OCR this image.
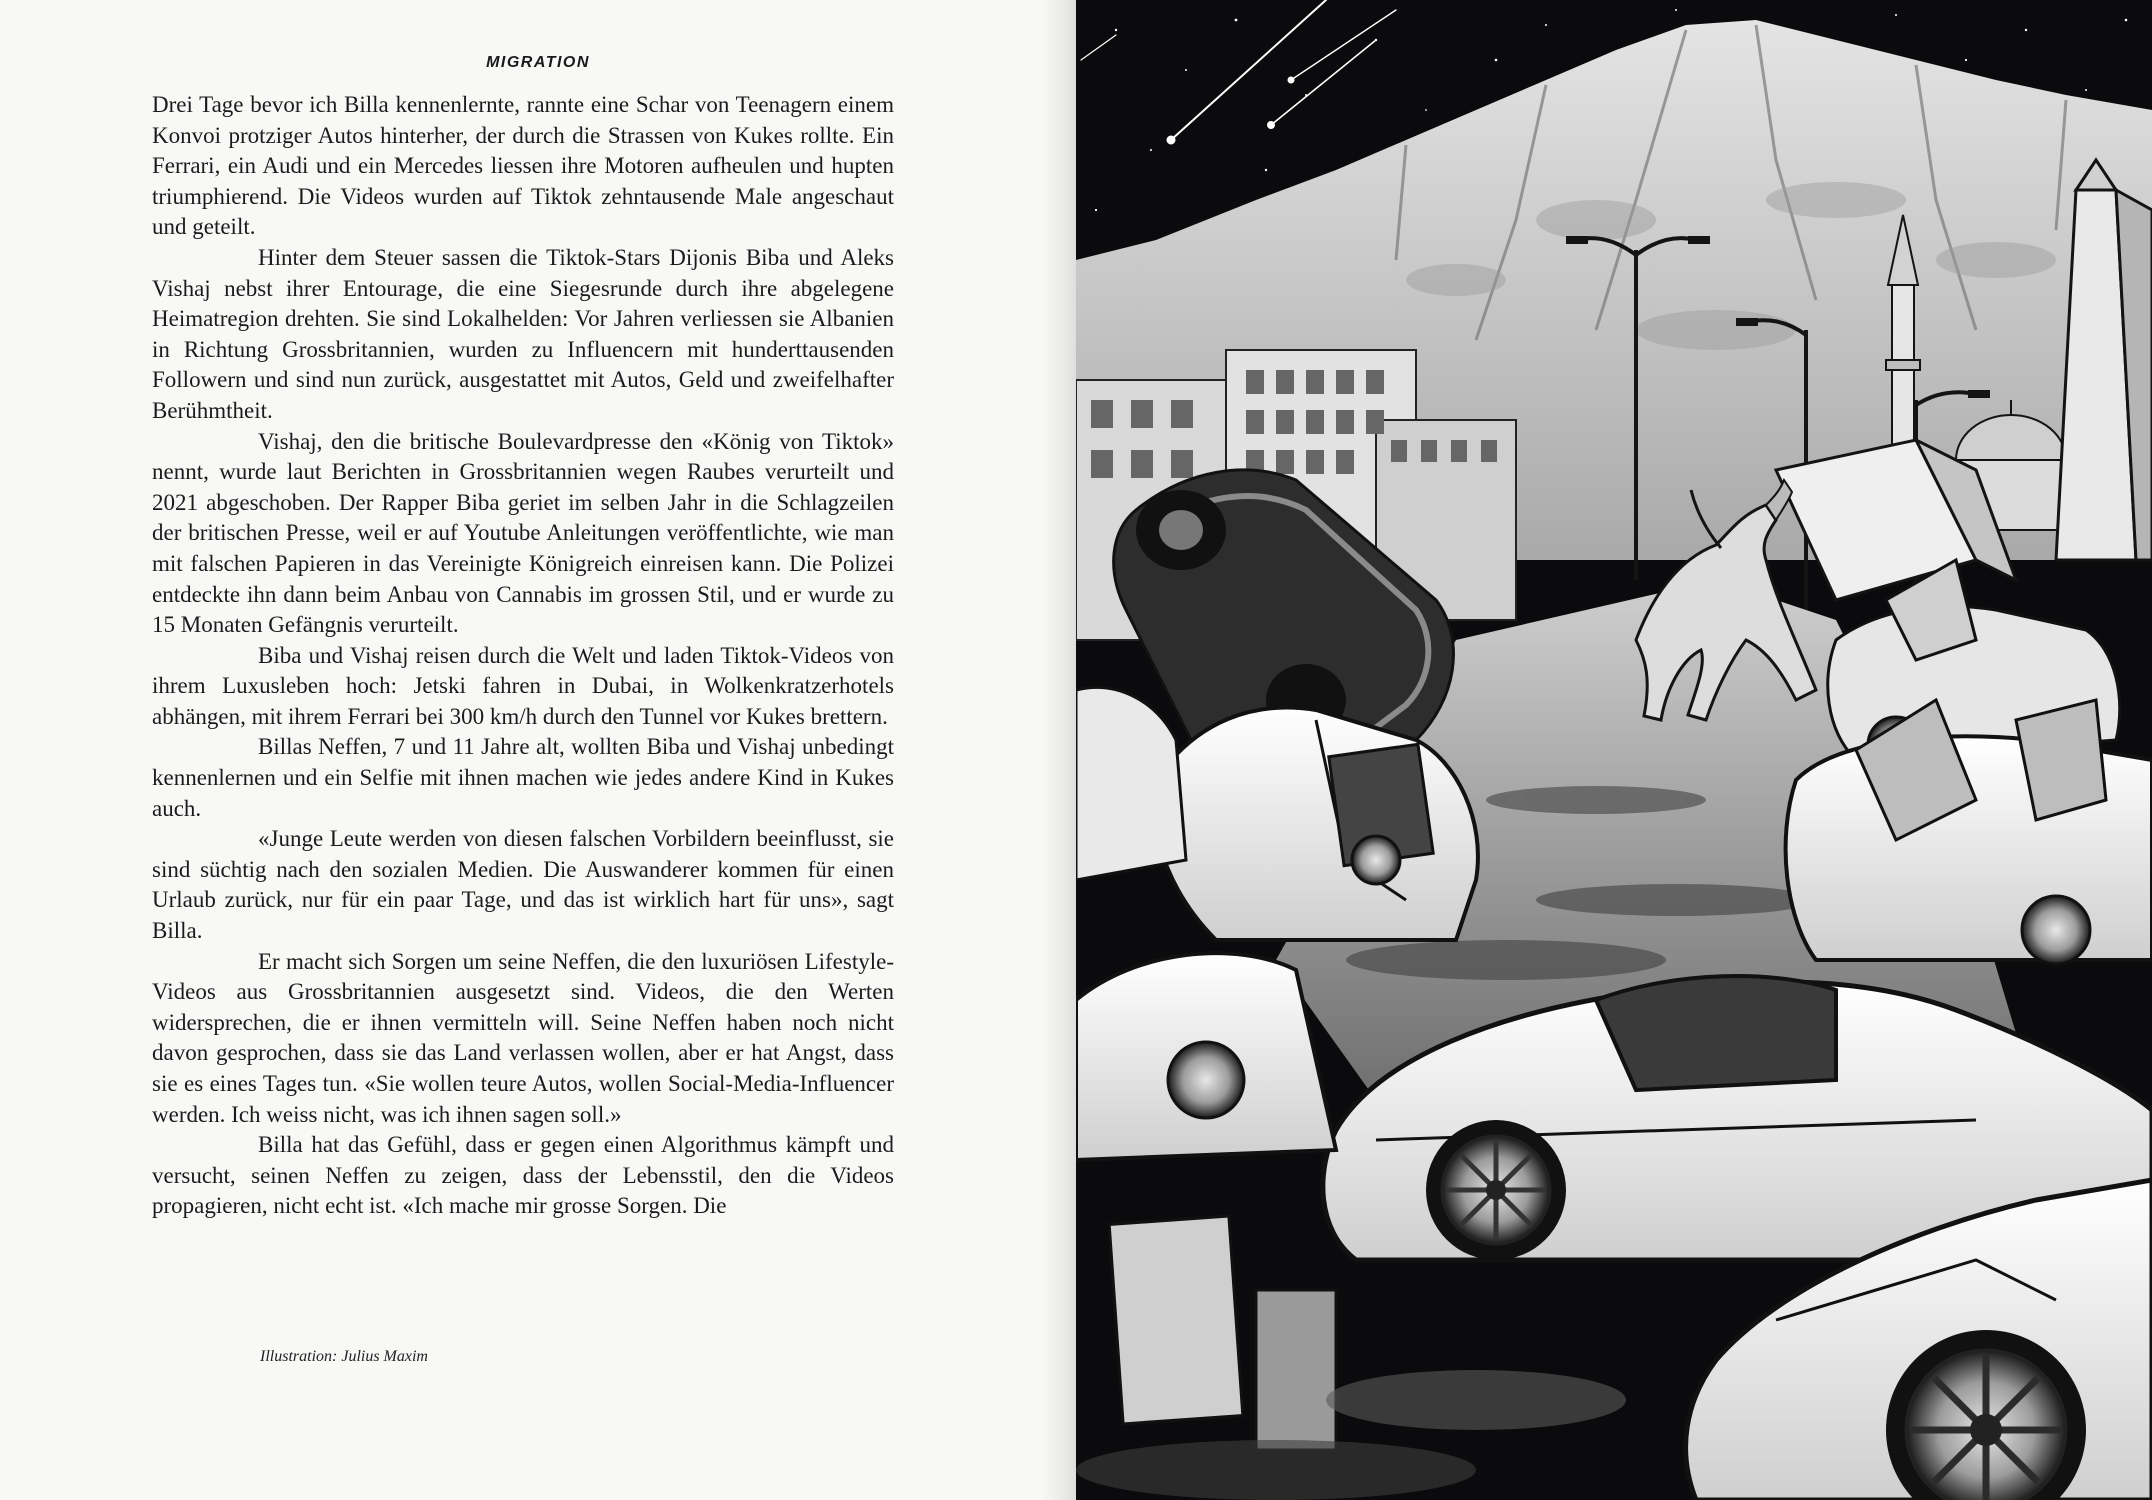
MIGRATION

Drei Tage bevor ich Billa kennenlernte, rannte eine Schar von Teenagern einem Konvoi protziger Autos hinterher, der durch die Strassen von Kukes rollte. Ein Ferrari, ein Audi und ein Mercedes liessen ihre Motoren aufheulen und hupten triumphierend. Die Videos wurden auf Tiktok zehntausende Male angeschaut und geteilt.

Hinter dem Steuer sassen die Tiktok-Stars Dijonis Biba und Aleks Vishaj nebst ihrer Entourage, die eine Siegesrunde durch ihre abgelegene Heimatregion drehten. Sie sind Lokalhelden: Vor Jahren verliessen sie Albanien in Richtung Grossbritannien, wurden zu Influencern mit hunderttausenden Followern und sind nun zurück, ausgestattet mit Autos, Geld und zweifelhafter Berühmtheit.

Vishaj, den die britische Boulevardpresse den «König von Tiktok» nennt, wurde laut Berichten in Grossbritannien wegen Raubes verurteilt und 2021 abgeschoben. Der Rapper Biba geriet im selben Jahr in die Schlagzeilen der britischen Presse, weil er auf Youtube Anleitungen veröffentlichte, wie man mit falschen Papieren in das Vereinigte Königreich einreisen kann. Die Polizei entdeckte ihn dann beim Anbau von Cannabis im grossen Stil, und er wurde zu 15 Monaten Gefängnis verurteilt.

Biba und Vishaj reisen durch die Welt und laden Tiktok-Videos von ihrem Luxusleben hoch: Jetski fahren in Dubai, in Wolkenkratzerhotels abhängen, mit ihrem Ferrari bei 300 km/h durch den Tunnel vor Kukes brettern.

Billas Neffen, 7 und 11 Jahre alt, wollten Biba und Vishaj unbedingt kennenlernen und ein Selfie mit ihnen machen wie jedes andere Kind in Kukes auch.

«Junge Leute werden von diesen falschen Vorbildern beeinflusst, sie sind süchtig nach den sozialen Medien. Die Auswanderer kommen für einen Urlaub zurück, nur für ein paar Tage, und das ist wirklich hart für uns», sagt Billa.

Er macht sich Sorgen um seine Neffen, die den luxuriösen Lifestyle-Videos aus Grossbritannien ausgesetzt sind. Videos, die den Werten widersprechen, die er ihnen vermitteln will. Seine Neffen haben noch nicht davon gesprochen, dass sie das Land verlassen wollen, aber er hat Angst, dass sie es eines Tages tun. «Sie wollen teure Autos, wollen Social-Media-Influencer werden. Ich weiss nicht, was ich ihnen sagen soll.»

Billa hat das Gefühl, dass er gegen einen Algorithmus kämpft und versucht, seinen Neffen zu zeigen, dass der Lebensstil, den die Videos propagieren, nicht echt ist. «Ich mache mir grosse Sorgen. Die

Illustration: Julius Maxim
